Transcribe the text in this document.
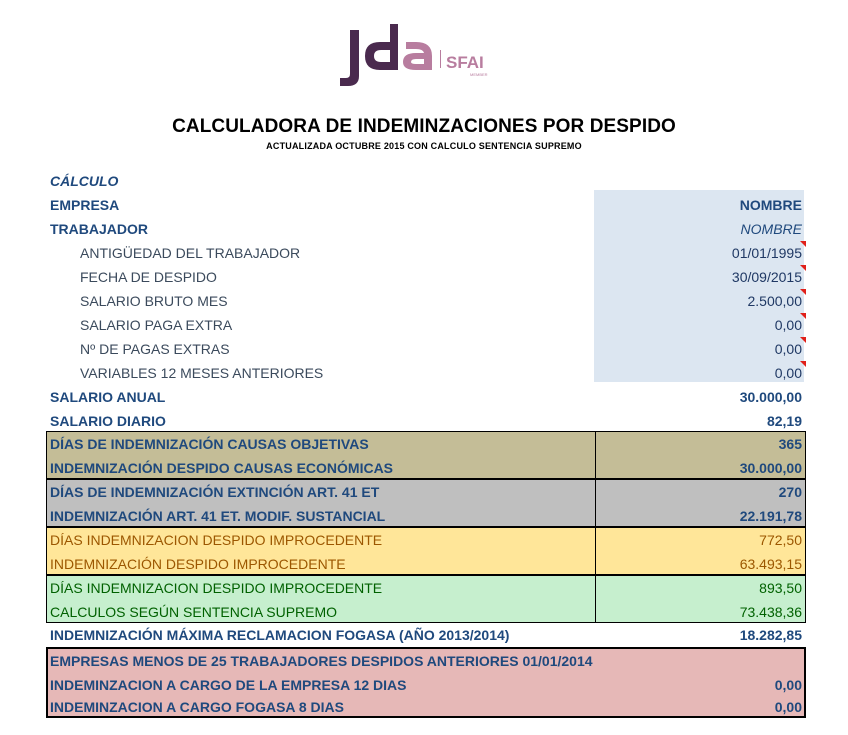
SFAI
MEMBER
CALCULADORA DE INDEMINZACIONES POR DESPIDO
ACTUALIZADA OCTUBRE 2015 CON CALCULO SENTENCIA SUPREMO
CÁLCULO
EMPRESA	NOMBRE
TRABAJADOR	NOMBRE
ANTIGÜEDAD DEL TRABAJADOR	01/01/1995
FECHA DE DESPIDO	30/09/2015
SALARIO BRUTO MES	2.500,00
SALARIO PAGA EXTRA	0,00
Nº DE PAGAS EXTRAS	0,00
VARIABLES 12 MESES ANTERIORES	0,00
SALARIO ANUAL	30.000,00
SALARIO DIARIO	82,19
DÍAS DE INDEMNIZACIÓN CAUSAS OBJETIVAS	365
INDEMNIZACIÓN DESPIDO CAUSAS ECONÓMICAS	30.000,00
DÍAS DE INDEMNIZACIÓN EXTINCIÓN ART. 41 ET	270
INDEMNIZACIÓN ART. 41 ET. MODIF. SUSTANCIAL	22.191,78
DÍAS INDEMNIZACION DESPIDO IMPROCEDENTE	772,50
INDEMNIZACIÓN DESPIDO IMPROCEDENTE	63.493,15
DÍAS INDEMNIZACION DESPIDO IMPROCEDENTE	893,50
CALCULOS SEGÚN SENTENCIA SUPREMO	73.438,36
INDEMNIZACIÓN MÁXIMA RECLAMACION FOGASA (AÑO 2013/2014)	18.282,85
EMPRESAS MENOS DE 25 TRABAJADORES DESPIDOS ANTERIORES 01/01/2014
INDEMINZACION A CARGO DE LA EMPRESA 12 DIAS	0,00
INDEMINZACION A CARGO FOGASA 8 DIAS	0,00
